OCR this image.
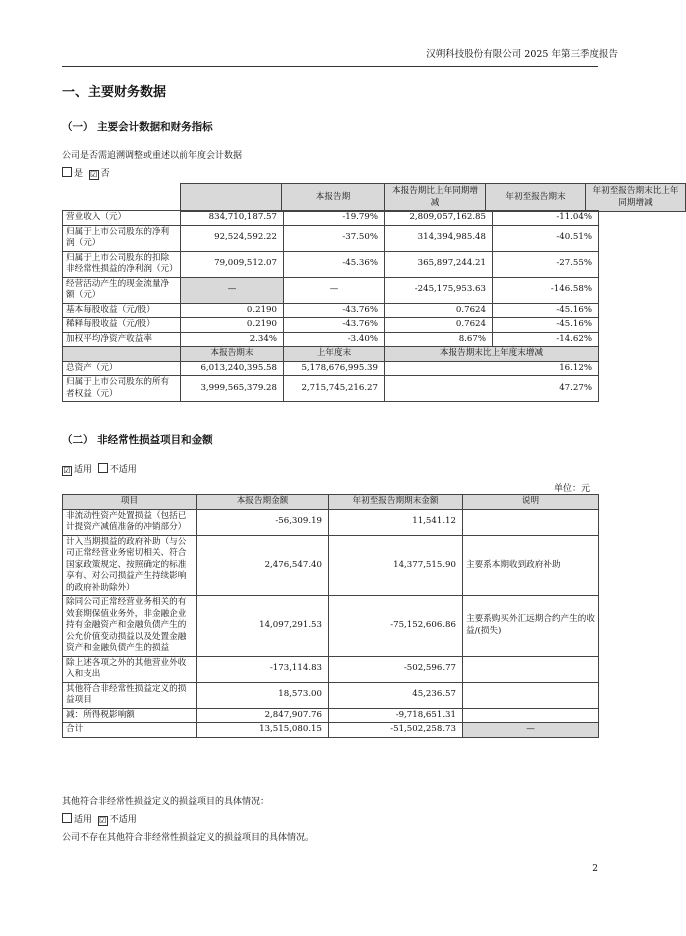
汉朔科技股份有限公司 2025 年第三季度报告
一、主要财务数据
（一） 主要会计数据和财务指标
公司是否需追溯调整或重述以前年度会计数据
是 ☑ 否
	本报告期	本报告期比上年同期增减	年初至报告期末	年初至报告期末比上年同期增减
营业收入（元）	834,710,187.57	-19.79%	2,809,057,162.85	-11.04%
归属于上市公司股东的净利润（元）	92,524,592.22	-37.50%	314,394,985.48	-40.51%
归属于上市公司股东的扣除非经常性损益的净利润（元）	79,009,512.07	-45.36%	365,897,244.21	-27.55%
经营活动产生的现金流量净额（元）	—	—	-245,175,953.63	-146.58%
基本每股收益（元/股）	0.2190	-43.76%	0.7624	-45.16%
稀释每股收益（元/股）	0.2190	-43.76%	0.7624	-45.16%
加权平均净资产收益率	2.34%	-3.40%	8.67%	-14.62%
	本报告期末	上年度末	本报告期末比上年度末增减	
总资产（元）	6,013,240,395.58	5,178,676,995.39	16.12%	
归属于上市公司股东的所有者权益（元）	3,999,565,379.28	2,715,745,216.27	47.27%	
（二） 非经常性损益项目和金额
☑ 适用 不适用
单位：元
项目	本报告期金额	年初至报告期期末金额	说明
非流动性资产处置损益（包括已计提资产减值准备的冲销部分）	-56,309.19	11,541.12	
计入当期损益的政府补助（与公司正常经营业务密切相关、符合国家政策规定、按照确定的标准享有、对公司损益产生持续影响的政府补助除外）	2,476,547.40	14,377,515.90	主要系本期收到政府补助
除同公司正常经营业务相关的有效套期保值业务外，非金融企业持有金融资产和金融负债产生的公允价值变动损益以及处置金融资产和金融负债产生的损益	14,097,291.53	-75,152,606.86	主要系购买外汇远期合约产生的收益/(损失)
除上述各项之外的其他营业外收入和支出	-173,114.83	-502,596.77	
其他符合非经常性损益定义的损益项目	18,573.00	45,236.57	
减：所得税影响额	2,847,907.76	-9,718,651.31	
合计	13,515,080.15	-51,502,258.73	—
其他符合非经常性损益定义的损益项目的具体情况：
适用 ☑ 不适用
公司不存在其他符合非经常性损益定义的损益项目的具体情况。
2
